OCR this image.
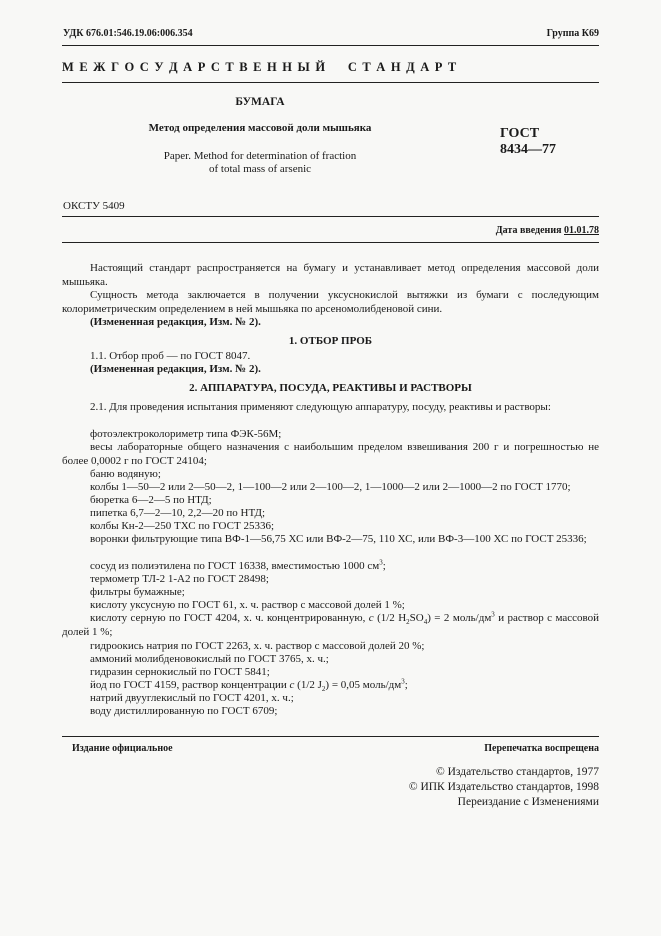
УДК 676.01:546.19.06:006.354	Группа К69
М Е Ж Г О С У Д А Р С Т В Е Н Н Ы Й     С Т А Н Д А Р Т
БУМАГА
Метод определения массовой доли мышьяка
Paper. Method for determination of fraction
of total mass of arsenic
ГОСТ
8434—77
ОКСТУ 5409
Дата введения 01.01.78
Настоящий стандарт распространяется на бумагу и устанавливает метод определения массовой доли мышьяка.
Сущность метода заключается в получении уксуснокислой вытяжки из бумаги с последующим колориметрическим определением в ней мышьяка по арсеномолибденовой сини.
(Измененная редакция, Изм. № 2).
1. ОТБОР ПРОБ
1.1. Отбор проб — по ГОСТ 8047.
(Измененная редакция, Изм. № 2).
2. АППАРАТУРА, ПОСУДА, РЕАКТИВЫ И РАСТВОРЫ
2.1. Для проведения испытания применяют следующую аппаратуру, посуду, реактивы и растворы:
фотоэлектроколориметр типа ФЭК-56М;
весы лабораторные общего назначения с наибольшим пределом взвешивания 200 г и погрешностью не более 0,0002 г по ГОСТ 24104;
баню водяную;
колбы 1—50—2 или 2—50—2, 1—100—2 или 2—100—2, 1—1000—2 или 2—1000—2 по ГОСТ 1770;
бюретка 6—2—5 по НТД;
пипетка 6,7—2—10, 2,2—20 по НТД;
колбы Кн-2—250 ТХС по ГОСТ 25336;
воронки фильтрующие типа ВФ-1—56,75 ХС или ВФ-2—75, 110 ХС, или ВФ-3—100 ХС по ГОСТ 25336;
сосуд из полиэтилена по ГОСТ 16338, вместимостью 1000 $см^3$;
термометр ТЛ-2 1-А2 по ГОСТ 28498;
фильтры бумажные;
кислоту уксусную по ГОСТ 61, х. ч. раствор с массовой долей 1 %;
кислоту серную по ГОСТ 4204, х. ч. концентрированную, c (1/2 $H_2SO_4) = 2$ моль/$дм^3$ и раствор с массовой долей 1 %;
гидроокись натрия по ГОСТ 2263, х. ч. раствор с массовой долей 20 %;
аммоний молибденовокислый по ГОСТ 3765, х. ч.;
гидразин сернокислый по ГОСТ 5841;
йод по ГОСТ 4159, раствор концентрации c (1/2 $J_2) = 0,05$ моль/$дм^3$;
натрий двууглекислый по ГОСТ 4201, х. ч.;
воду дистиллированную по ГОСТ 6709;
Издание официальное	Перепечатка воспрещена
© Издательство стандартов, 1977
© ИПК Издательство стандартов, 1998
Переиздание с Изменениями
